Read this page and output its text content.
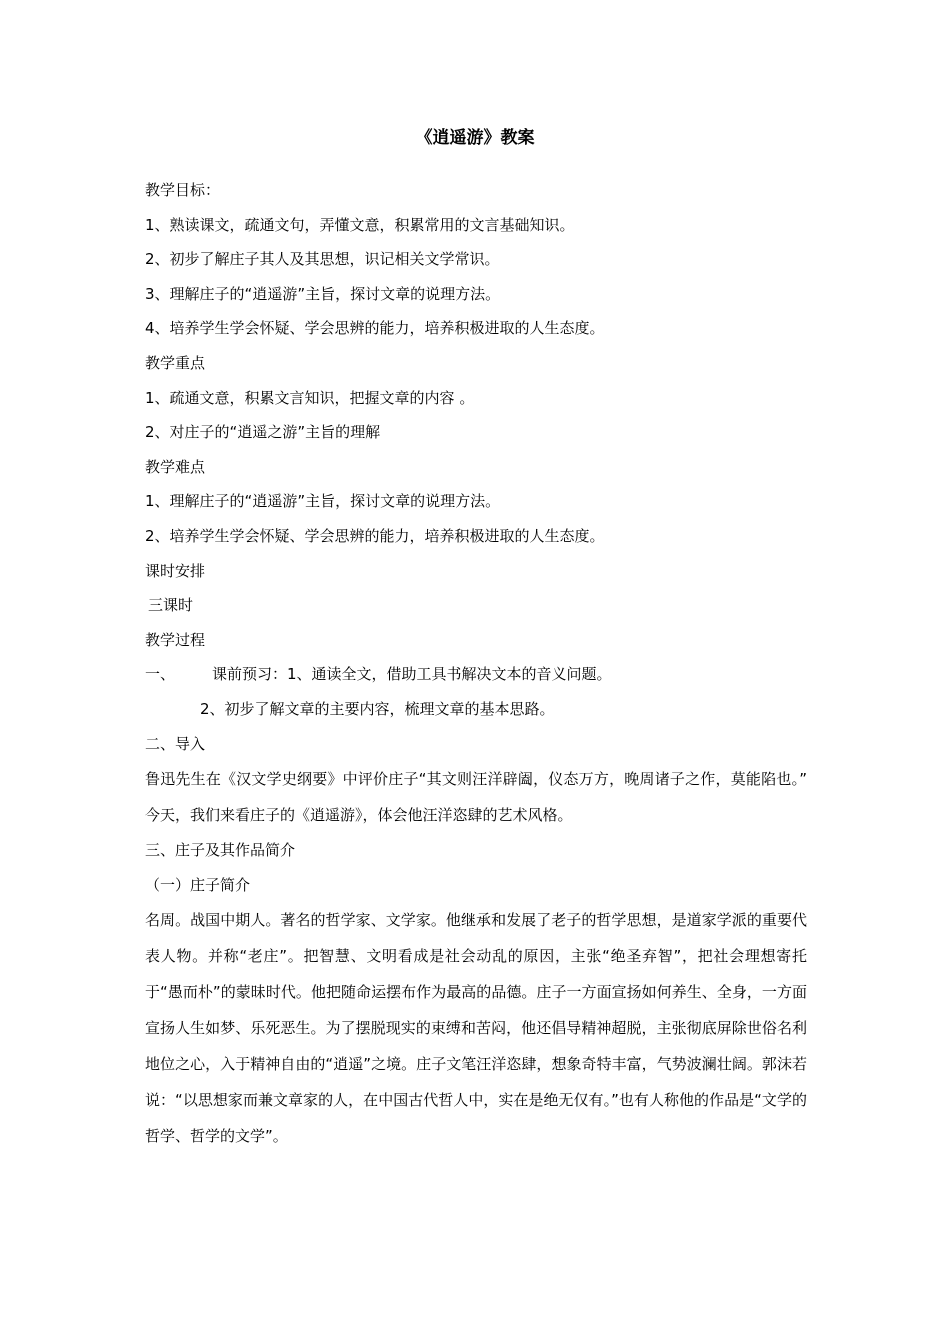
《逍遥游》教案

教学目标：

1、熟读课文，疏通文句，弄懂文意，积累常用的文言基础知识。

2、初步了解庄子其人及其思想，识记相关文学常识。

3、理解庄子的“逍遥游”主旨，探讨文章的说理方法。

4、培养学生学会怀疑、学会思辨的能力，培养积极进取的人生态度。

教学重点

1、疏通文意，积累文言知识，把握文章的内容 。

2、对庄子的“逍遥之游”主旨的理解

教学难点

1、理解庄子的“逍遥游”主旨，探讨文章的说理方法。

2、培养学生学会怀疑、学会思辨的能力，培养积极进取的人生态度。

课时安排

三课时

教学过程

一、 课前预习：1、通读全文，借助工具书解决文本的音义问题。

2、初步了解文章的主要内容，梳理文章的基本思路。

二、导入

鲁迅先生在《汉文学史纲要》中评价庄子“其文则汪洋辟阖，仪态万方，晚周诸子之作，莫能陷也。” 今天，我们来看庄子的《逍遥游》，体会他汪洋恣肆的艺术风格。

三、庄子及其作品简介

（一）庄子简介

名周。战国中期人。著名的哲学家、文学家。他继承和发展了老子的哲学思想，是道家学派的重要代表人物。并称“老庄”。把智慧、文明看成是社会动乱的原因，主张“绝圣弃智”，把社会理想寄托于“愚而朴”的蒙昧时代。他把随命运摆布作为最高的品德。庄子一方面宣扬如何养生、全身，一方面宣扬人生如梦、乐死恶生。为了摆脱现实的束缚和苦闷，他还倡导精神超脱，主张彻底屏除世俗名利地位之心，入于精神自由的“逍遥”之境。庄子文笔汪洋恣肆，想象奇特丰富，气势波澜壮阔。郭沫若说：“以思想家而兼文章家的人，在中国古代哲人中，实在是绝无仅有。”也有人称他的作品是“文学的哲学、哲学的文学”。
